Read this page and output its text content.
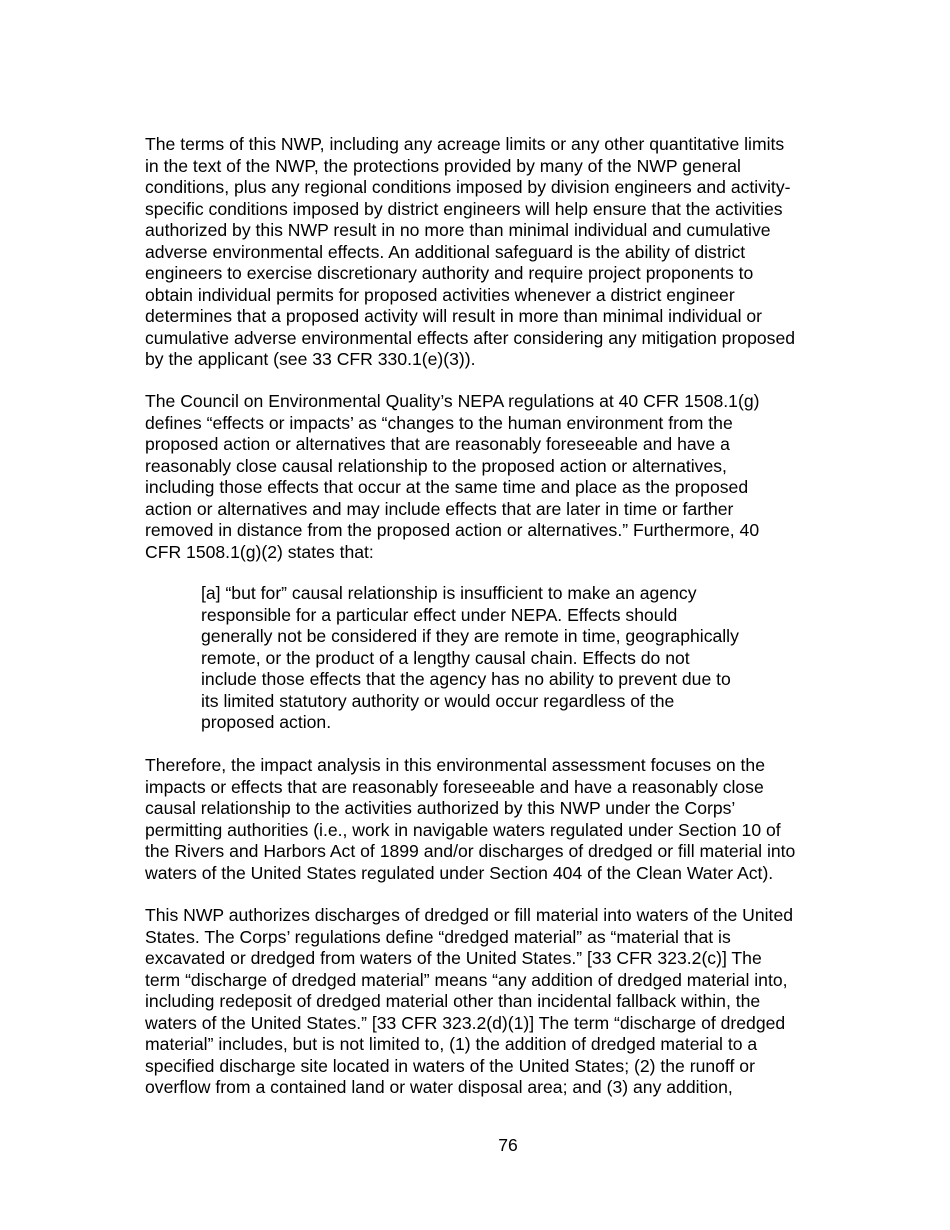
The terms of this NWP, including any acreage limits or any other quantitative limits
in the text of the NWP, the protections provided by many of the NWP general
conditions, plus any regional conditions imposed by division engineers and activity-
specific conditions imposed by district engineers will help ensure that the activities
authorized by this NWP result in no more than minimal individual and cumulative
adverse environmental effects. An additional safeguard is the ability of district
engineers to exercise discretionary authority and require project proponents to
obtain individual permits for proposed activities whenever a district engineer
determines that a proposed activity will result in more than minimal individual or
cumulative adverse environmental effects after considering any mitigation proposed
by the applicant (see 33 CFR 330.1(e)(3)).

The Council on Environmental Quality’s NEPA regulations at 40 CFR 1508.1(g)
defines “effects or impacts’ as “changes to the human environment from the
proposed action or alternatives that are reasonably foreseeable and have a
reasonably close causal relationship to the proposed action or alternatives,
including those effects that occur at the same time and place as the proposed
action or alternatives and may include effects that are later in time or farther
removed in distance from the proposed action or alternatives.” Furthermore, 40
CFR 1508.1(g)(2) states that:

[a] “but for” causal relationship is insufficient to make an agency
responsible for a particular effect under NEPA. Effects should
generally not be considered if they are remote in time, geographically
remote, or the product of a lengthy causal chain. Effects do not
include those effects that the agency has no ability to prevent due to
its limited statutory authority or would occur regardless of the
proposed action.

Therefore, the impact analysis in this environmental assessment focuses on the
impacts or effects that are reasonably foreseeable and have a reasonably close
causal relationship to the activities authorized by this NWP under the Corps’
permitting authorities (i.e., work in navigable waters regulated under Section 10 of
the Rivers and Harbors Act of 1899 and/or discharges of dredged or fill material into
waters of the United States regulated under Section 404 of the Clean Water Act).

This NWP authorizes discharges of dredged or fill material into waters of the United
States. The Corps’ regulations define “dredged material” as “material that is
excavated or dredged from waters of the United States.” [33 CFR 323.2(c)] The
term “discharge of dredged material” means “any addition of dredged material into,
including redeposit of dredged material other than incidental fallback within, the
waters of the United States.” [33 CFR 323.2(d)(1)] The term “discharge of dredged
material” includes, but is not limited to, (1) the addition of dredged material to a
specified discharge site located in waters of the United States; (2) the runoff or
overflow from a contained land or water disposal area; and (3) any addition,

76
